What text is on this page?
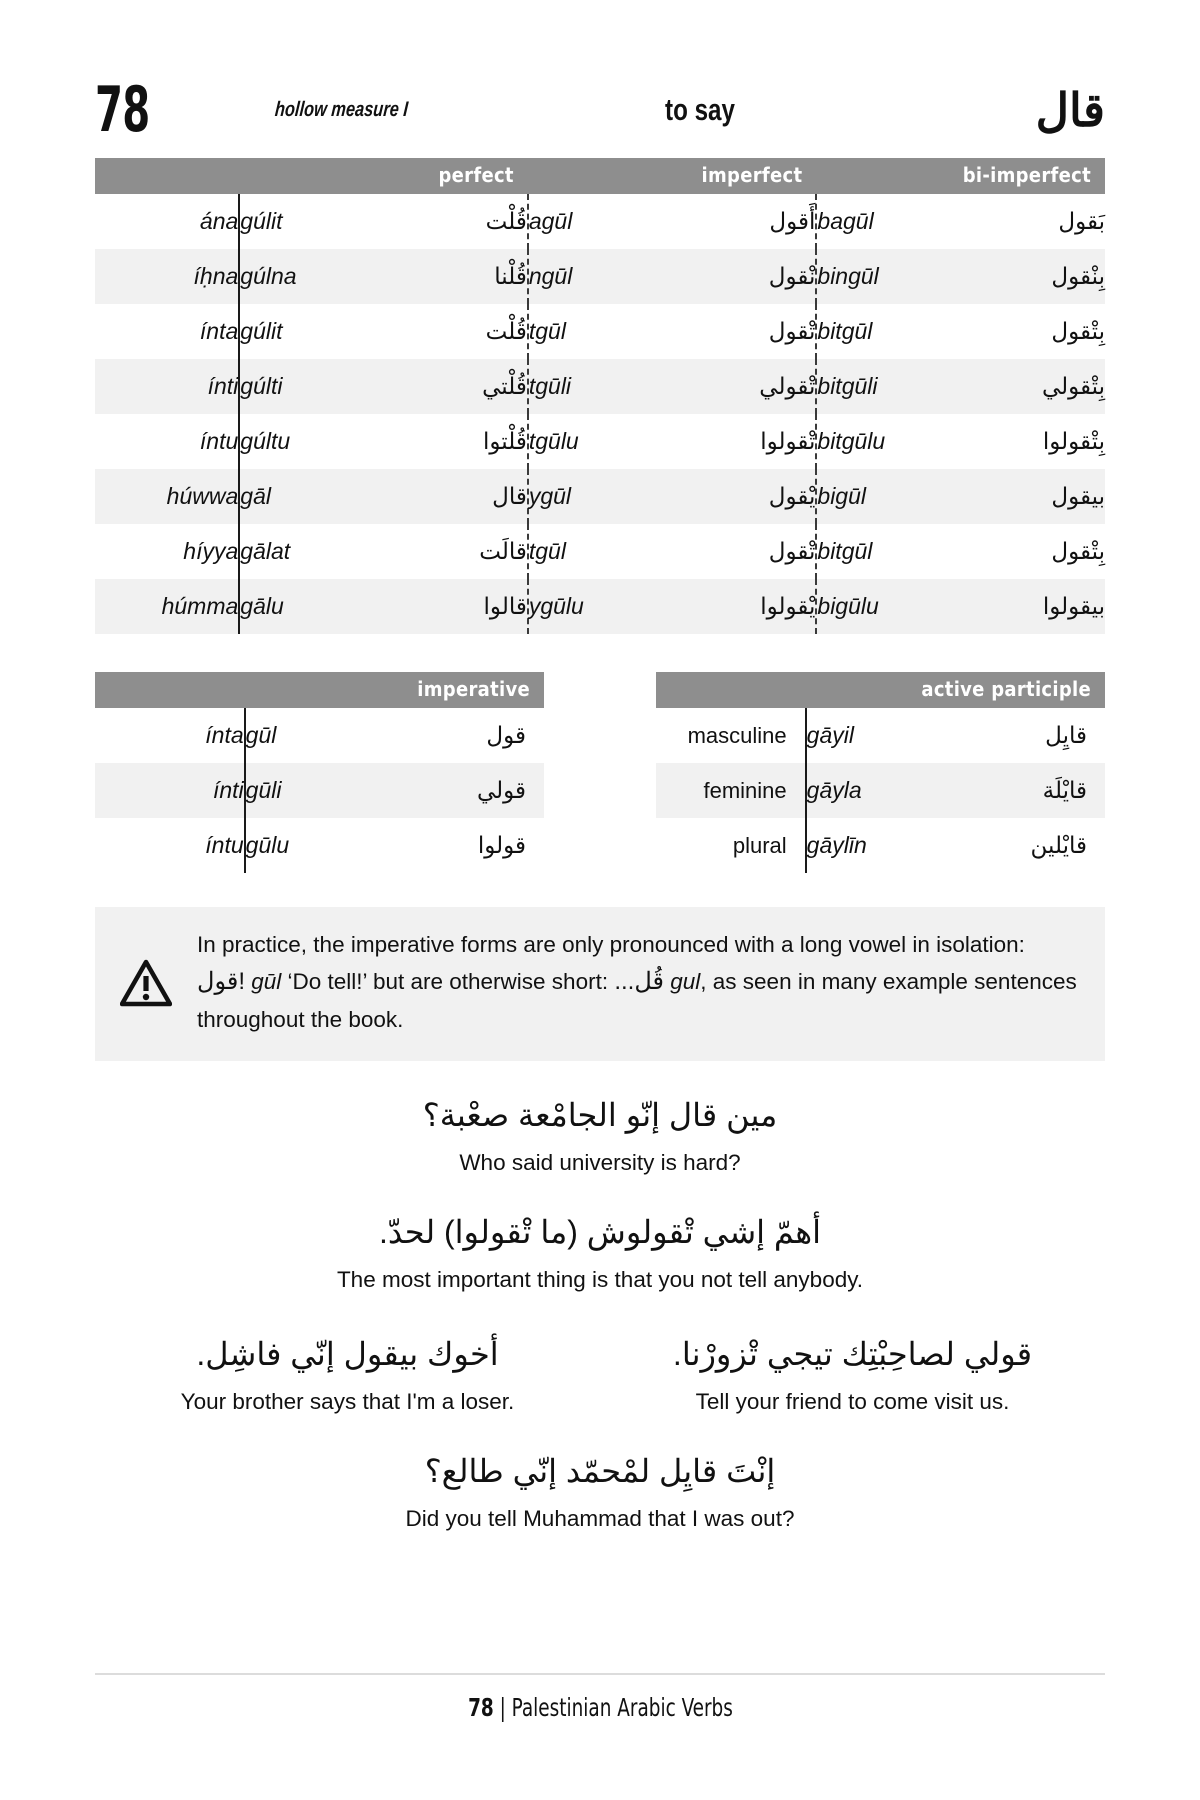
78	hollow measure I	to say	قال
	perfect		imperfect		bi-imperfect	
ána	gúlit	قُلْت	agūl	أَقول	bagūl	بَقول
íḥna	gúlna	قُلْنا	ngūl	نْقول	bingūl	بِنْقول
ínta	gúlit	قُلْت	tgūl	تْقول	bitgūl	بِتْقول
ínti	gúlti	قُلْتي	tgūli	تْقولي	bitgūli	بِتْقولي
íntu	gúltu	قُلْتوا	tgūlu	تْقولوا	bitgūlu	بِتْقولوا
húwwa	gāl	قال	ygūl	يْقول	bigūl	بيقول
híyya	gālat	قالَت	tgūl	تْقول	bitgūl	بِتْقول
húmma	gālu	قالوا	ygūlu	يْقولوا	bigūlu	بيقولوا
	imperative	
ínta	gūl	قول
ínti	gūli	قولي
íntu	gūlu	قولوا
	active participle	
masculine	gāyil	قايِل
feminine	gāyla	قايْلَة
plural	gāylīn	قايْلين
In practice, the imperative forms are only pronounced with a long vowel in isolation: قول! gūl ‘Do tell!’ but are otherwise short: ...قُل gul, as seen in many example sentences throughout the book.
مين قال إنّو الجامْعة صعْبة؟
Who said university is hard?
أهمّ إشي تْقولوش (ما تْقولوا) لحدّ.
The most important thing is that you not tell anybody.
أخوك بيقول إنّي فاشِل.
Your brother says that I'm a loser.
قولي لصاحِبْتِك تيجي تْزورْنا.
Tell your friend to come visit us.
إنْتَ قايِل لمْحمّد إنّي طالع؟
Did you tell Muhammad that I was out?
78 | Palestinian Arabic Verbs
